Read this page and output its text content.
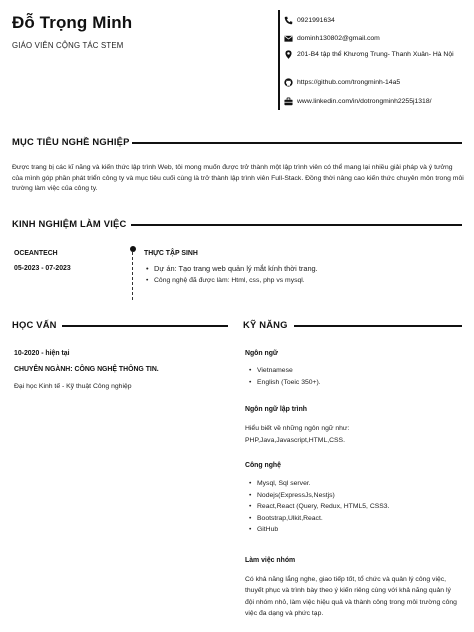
Đỗ Trọng Minh
GIÁO VIÊN CỘNG TÁC STEM
0921991634
dominh130802@gmail.com
201-B4 tập thể Khương Trung- Thanh Xuân- Hà Nội
https://github.com/trongminh-14a5
www.linkedin.com/in/dotrongminh2255j1318/
MỤC TIÊU NGHỀ NGHIỆP
Được trang bị các kĩ năng và kiến thức lập trình Web, tôi mong muốn được trở thành một lập trình viên có thể mang lại nhiều giải pháp và ý tưởng của mình góp phần phát triển công ty và mục tiêu cuối cùng là trở thành lập trình viên Full-Stack. Đồng thời nâng cao kiến thức chuyên môn trong môi trường làm việc của công ty.
KINH NGHIỆM LÀM VIỆC
OCEANTECH
05-2023 - 07-2023
THỰC TẬP SINH
• Dự án: Tạo trang web quản lý mắt kính thời trang.
• Công nghệ đã được làm: Html, css, php vs mysql.
HỌC VẤN
10-2020 - hiện tại
CHUYÊN NGÀNH: CÔNG NGHỆ THÔNG TIN.
Đại học Kinh tế - Kỹ thuật Công nghiệp
KỸ NĂNG
Ngôn ngữ
• Vietnamese
• English (Toeic 350+).
Ngôn ngữ lập trình
Hiểu biết về những ngôn ngữ như: PHP,Java,Javascript,HTML,CSS.
Công nghệ
• Mysql, Sql server.
• Nodejs(ExpressJs,Nestjs)
• React,React (Query, Redux, HTML5, CSS3.
• Bootstrap,Ulkit,React.
• GitHub
Làm việc nhóm
Có khả năng lắng nghe, giao tiếp tốt, tổ chức và quản lý công việc, thuyết phục và trình bày theo ý kiến riêng cùng với khả năng quản lý đội nhóm nhỏ, làm việc hiệu quả và thành công trong môi trường công việc đa dạng và phức tạp.
